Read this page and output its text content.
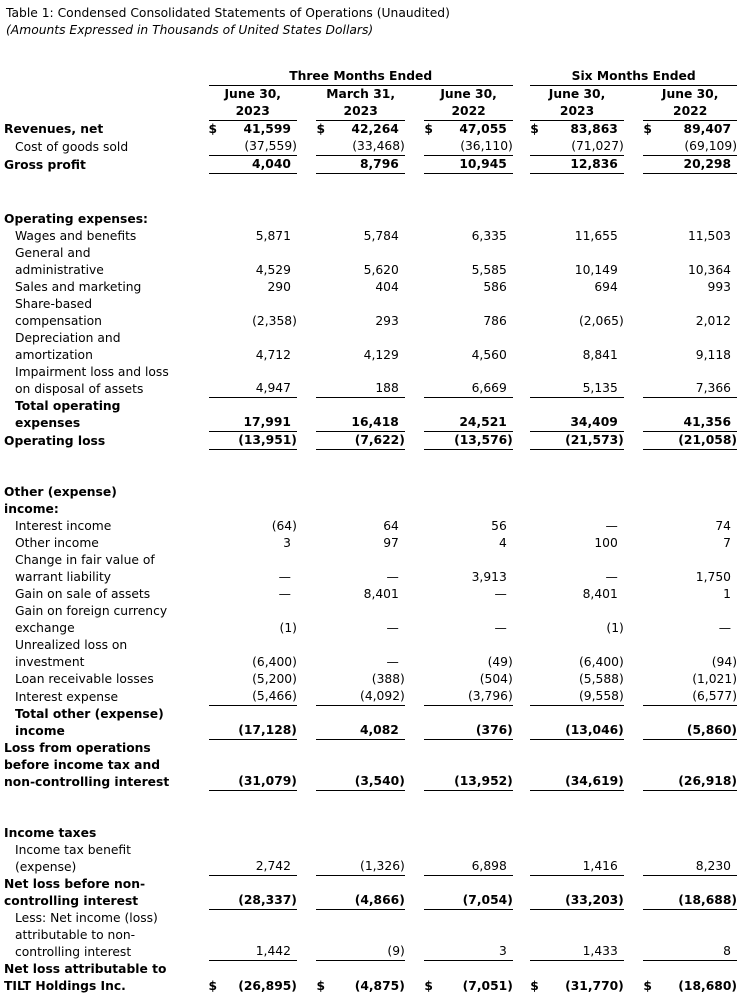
Table 1: Condensed Consolidated Statements of Operations (Unaudited)
(Amounts Expressed in Thousands of United States Dollars)
		Three Months Ended						Six Months Ended		
		June 30,		March 31,		June 30,		June 30,		June 30,
		2023		2023		2022		2023		2022
Revenues, net		$ 41,599		$ 42,264		$ 47,055		$ 83,863		$ 89,407
Cost of goods sold		(37,559)		(33,468)		(36,110)		(71,027)		(69,109)
Gross profit		4,040		8,796		10,945		12,836		20,298

Operating expenses:										
Wages and benefits		5,871		5,784		6,335		11,655		11,503

General and
administrative		4,529		5,620		5,585		10,149		10,364
Sales and marketing		290		404		586		694		993

Share-based
compensation		(2,358)		293		786		(2,065)		2,012

Depreciation and
amortization		4,712		4,129		4,560		8,841		9,118

Impairment loss and loss
on disposal of assets		4,947		188		6,669		5,135		7,366

Total operating
expenses		17,991		16,418		24,521		34,409		41,356
Operating loss		(13,951)		(7,622)		(13,576)		(21,573)		(21,058)

Other (expense)
income:										

Interest income		(64)		64		56		—		74
Other income		3		97		4		100		7

Change in fair value of
warrant liability		—		—		3,913		—		1,750
Gain on sale of assets		—		8,401		—		8,401		1

Gain on foreign currency
exchange		(1)		—		—		(1)		—

Unrealized loss on
investment		(6,400)		—		(49)		(6,400)		(94)
Loan receivable losses		(5,200)		(388)		(504)		(5,588)		(1,021)
Interest expense		(5,466)		(4,092)		(3,796)		(9,558)		(6,577)

Total other (expense)
income		(17,128)		4,082		(376)		(13,046)		(5,860)

Loss from operations
before income tax and
non-controlling interest		(31,079)		(3,540)		(13,952)		(34,619)		(26,918)

Income taxes										

Income tax benefit
(expense)		2,742		(1,326)		6,898		1,416		8,230

Net loss before non-
controlling interest		(28,337)		(4,866)		(7,054)		(33,203)		(18,688)

Less: Net income (loss)
attributable to non-
controlling interest		1,442		(9)		3		1,433		8

Net loss attributable to
TILT Holdings Inc.		$ (26,895)		$ (4,875)		$ (7,051)		$ (31,770)		$ (18,680)
